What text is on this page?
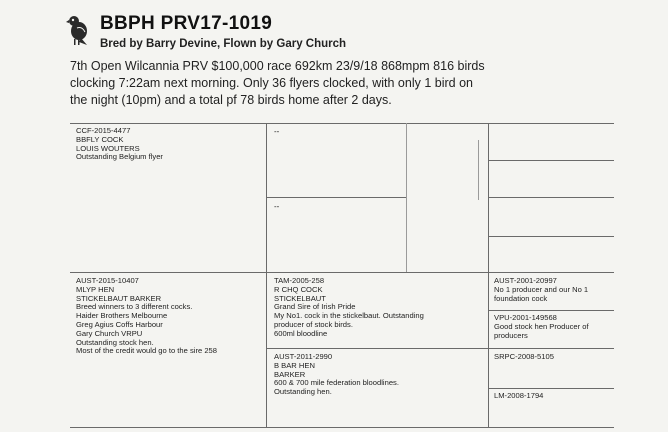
BBPH PRV17-1019
Bred by Barry Devine, Flown by Gary Church
7th Open Wilcannia PRV $100,000 race 692km 23/9/18 868mpm 816 birds clocking 7:22am next morning. Only 36 flyers clocked, with only 1 bird on the night (10pm) and a total pf 78 birds home after 2 days.
CCF-2015-4477
BBFLY COCK
LOUIS WOUTERS
Outstanding Belgium flyer
--
--
AUST-2015-10407
MLYP HEN
STICKELBAUT BARKER
Breed winners to 3 different cocks.
Haider Brothers Melbourne
Greg Agius Coffs Harbour
Gary Church VRPU
Outstanding stock hen.
Most of the credit would go to the sire 258
TAM-2005-258
R CHQ COCK
STICKELBAUT
Grand Sire of Irish Pride
My No1. cock in the stickelbaut. Outstanding
producer of stock birds.
600ml bloodline
AUST-2011-2990
B BAR HEN
BARKER
600 & 700 mile federation bloodlines.
Outstanding hen.
AUST-2001-20997
No 1 producer and our No 1
foundation cock
VPU-2001-149568
Good stock hen Producer of
producers
SRPC-2008-5105
LM-2008-1794
